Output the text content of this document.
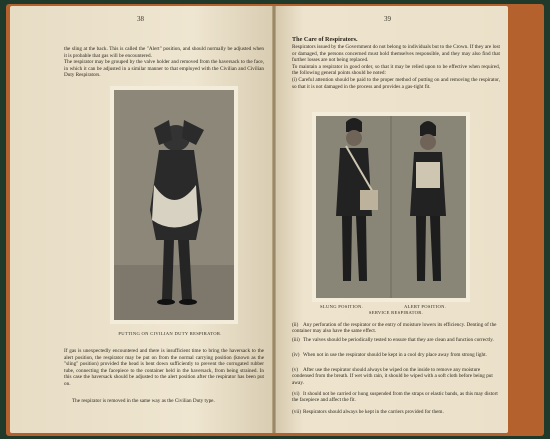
38

the sling at the back. This is called the "Alert" position, and should normally be adjusted when it is probable that gas will be encountered.
The respirator may be grouped by the valve holder and removed from the haversack to the face, in which it can be adjusted in a similar manner to that employed with the Civilian and Civilian Duty Respirators.

PUTTING ON CIVILIAN DUTY RESPIRATOR.

If gas is unexpectedly encountered and there is insufficient time to bring the haversack to the alert position, the respirator may be put on from the normal carrying position (known as the "sling" position) provided the head is bent down sufficiently to prevent the corrugated rubber tube, connecting the facepiece to the container held in the haversack, from being strained. In this case the haversack should be adjusted to the alert position after the respirator has been put on.

The respirator is removed in the same way as the Civilian Duty type.

39
The Care of Respirators.

Respirators issued by the Government do not belong to individuals but to the Crown. If they are lost or damaged, the persons concerned must hold themselves responsible, and they may also find that further losses are not being replaced.
To maintain a respirator in good order, so that it may be relied upon to be effective when required, the following general points should be noted:
(i) Careful attention should be paid to the proper method of putting on and removing the respirator, so that it is not damaged in the process and provides a gas-tight fit.

SLUNG POSITION.	ALERT POSITION.
SERVICE RESPIRATOR.
(ii) Any perforation of the respirator or the entry of moisture lowers its efficiency. Denting of the container may also have the same effect.
(iii) The valves should be periodically tested to ensure that they are clean and function correctly.
(iv) When not in use the respirator should be kept in a cool dry place away from strong light.
(v) After use the respirator should always be wiped on the inside to remove any moisture condensed from the breath. If wet with rain, it should be wiped with a soft cloth before being put away.
(vi) It should not be carried or hung suspended from the straps or elastic bands, as this may distort the facepiece and affect the fit.
(vii) Respirators should always be kept in the carriers provided for them.
